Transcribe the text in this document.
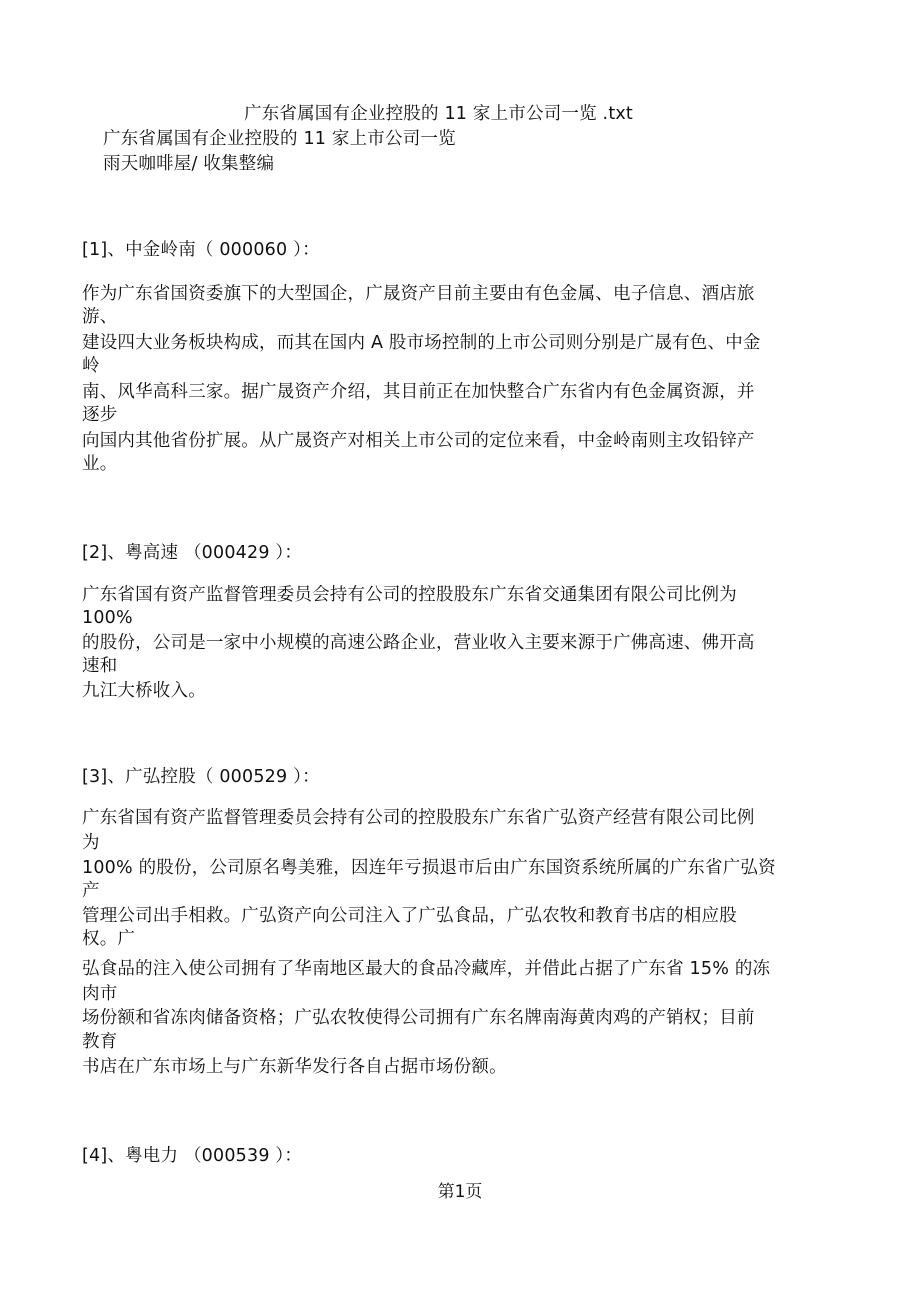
广东省属国有企业控股的 11 家上市公司一览 .txt
广东省属国有企业控股的 11 家上市公司一览
雨天咖啡屋/ 收集整编
[1]、中金岭南（ 000060 ）：
作为广东省国资委旗下的大型国企，广晟资产目前主要由有色金属、电子信息、酒店旅
游、
建设四大业务板块构成，而其在国内 A 股市场控制的上市公司则分别是广晟有色、中金
岭
南、风华高科三家。据广晟资产介绍，其目前正在加快整合广东省内有色金属资源，并
逐步
向国内其他省份扩展。从广晟资产对相关上市公司的定位来看，中金岭南则主攻铅锌产
业。
[2]、粤高速 （000429 ）：
广东省国有资产监督管理委员会持有公司的控股股东广东省交通集团有限公司比例为
100%
的股份，公司是一家中小规模的高速公路企业，营业收入主要来源于广佛高速、佛开高
速和
九江大桥收入。
[3]、广弘控股（ 000529 ）：
广东省国有资产监督管理委员会持有公司的控股股东广东省广弘资产经营有限公司比例
为
100% 的股份，公司原名粤美雅，因连年亏损退市后由广东国资系统所属的广东省广弘资
产
管理公司出手相救。广弘资产向公司注入了广弘食品，广弘农牧和教育书店的相应股
权。广
弘食品的注入使公司拥有了华南地区最大的食品冷藏库，并借此占据了广东省 15% 的冻
肉市
场份额和省冻肉储备资格；广弘农牧使得公司拥有广东名牌南海黄肉鸡的产销权；目前
教育
书店在广东市场上与广东新华发行各自占据市场份额。
[4]、粤电力 （000539 ）：
第1页
